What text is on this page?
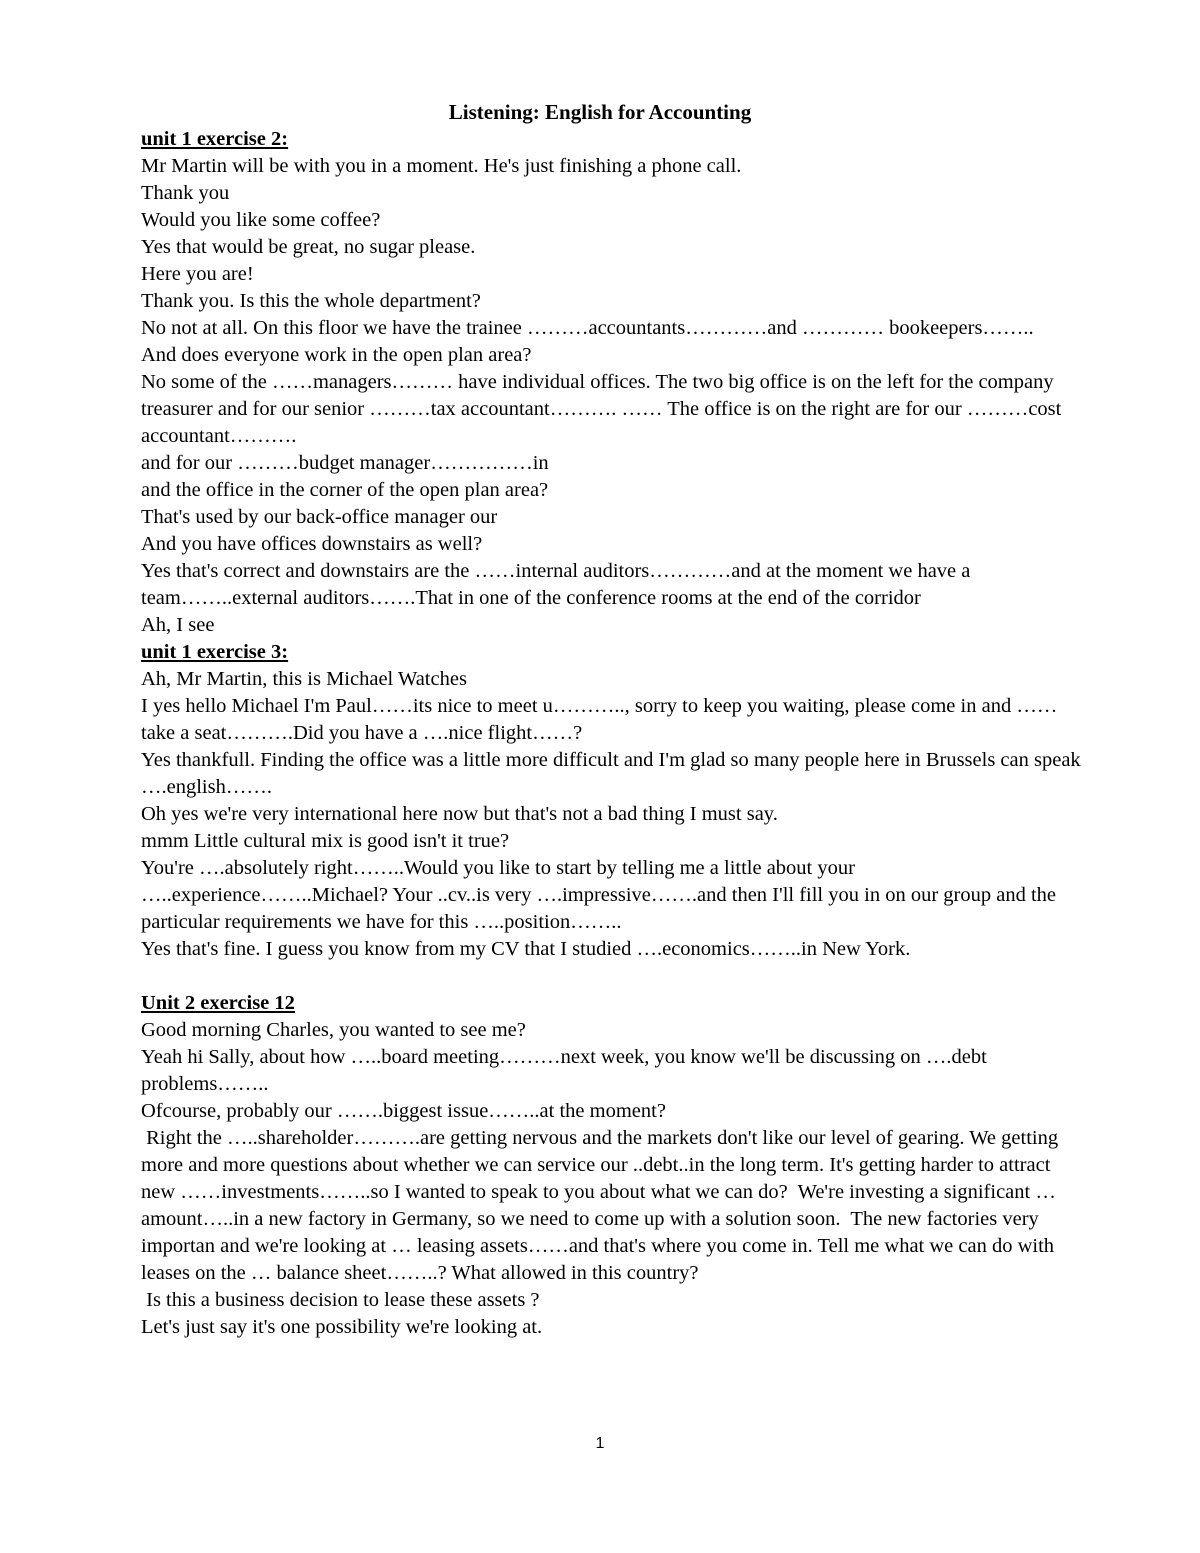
Listening: English for Accounting
unit 1 exercise 2:

Mr Martin will be with you in a moment. He's just finishing a phone call.

Thank you

Would you like some coffee?

Yes that would be great, no sugar please.

Here you are!

Thank you. Is this the whole department?

No not at all. On this floor we have the trainee ………accountants…………and ………… bookeepers……..

And does everyone work in the open plan area?

No some of the ……managers……… have individual offices. The two big office is on the left for the company treasurer and for our senior ………tax accountant………. …… The office is on the right are for our ………cost accountant……….

and for our ………budget manager……………in

and the office in the corner of the open plan area?

That's used by our back-office manager our

And you have offices downstairs as well?

Yes that's correct and downstairs are the ……internal auditors…………and at the moment we have a team……..external auditors…….That in one of the conference rooms at the end of the corridor

Ah, I see

unit 1 exercise 3:

Ah, Mr Martin, this is Michael Watches

I yes hello Michael I'm Paul……its nice to meet u……….., sorry to keep you waiting, please come in and ……take a seat……….Did you have a ….nice flight……?

Yes thankfull. Finding the office was a little more difficult and I'm glad so many people here in Brussels can speak ….english…….

Oh yes we're very international here now but that's not a bad thing I must say.

mmm Little cultural mix is good isn't it true?

You're ….absolutely right……..Would you like to start by telling me a little about your …..experience……..Michael? Your ..cv..is very ….impressive…….and then I'll fill you in on our group and the particular requirements we have for this …..position……..

Yes that's fine. I guess you know from my CV that I studied ….economics……..in New York.

Unit 2 exercise 12

Good morning Charles, you wanted to see me?

Yeah hi Sally, about how …..board meeting………next week, you know we'll be discussing on ….debt problems……..

Ofcourse, probably our …….biggest issue……..at the moment?

Right the …..shareholder……….are getting nervous and the markets don't like our level of gearing. We getting more and more questions about whether we can service our ..debt..in the long term. It's getting harder to attract new ……investments……..so I wanted to speak to you about what we can do?  We're investing a significant …amount…..in a new factory in Germany, so we need to come up with a solution soon.  The new factories very importan and we're looking at … leasing assets……and that's where you come in. Tell me what we can do with leases on the … balance sheet……..? What allowed in this country?

Is this a business decision to lease these assets ?

Let's just say it's one possibility we're looking at.

1
